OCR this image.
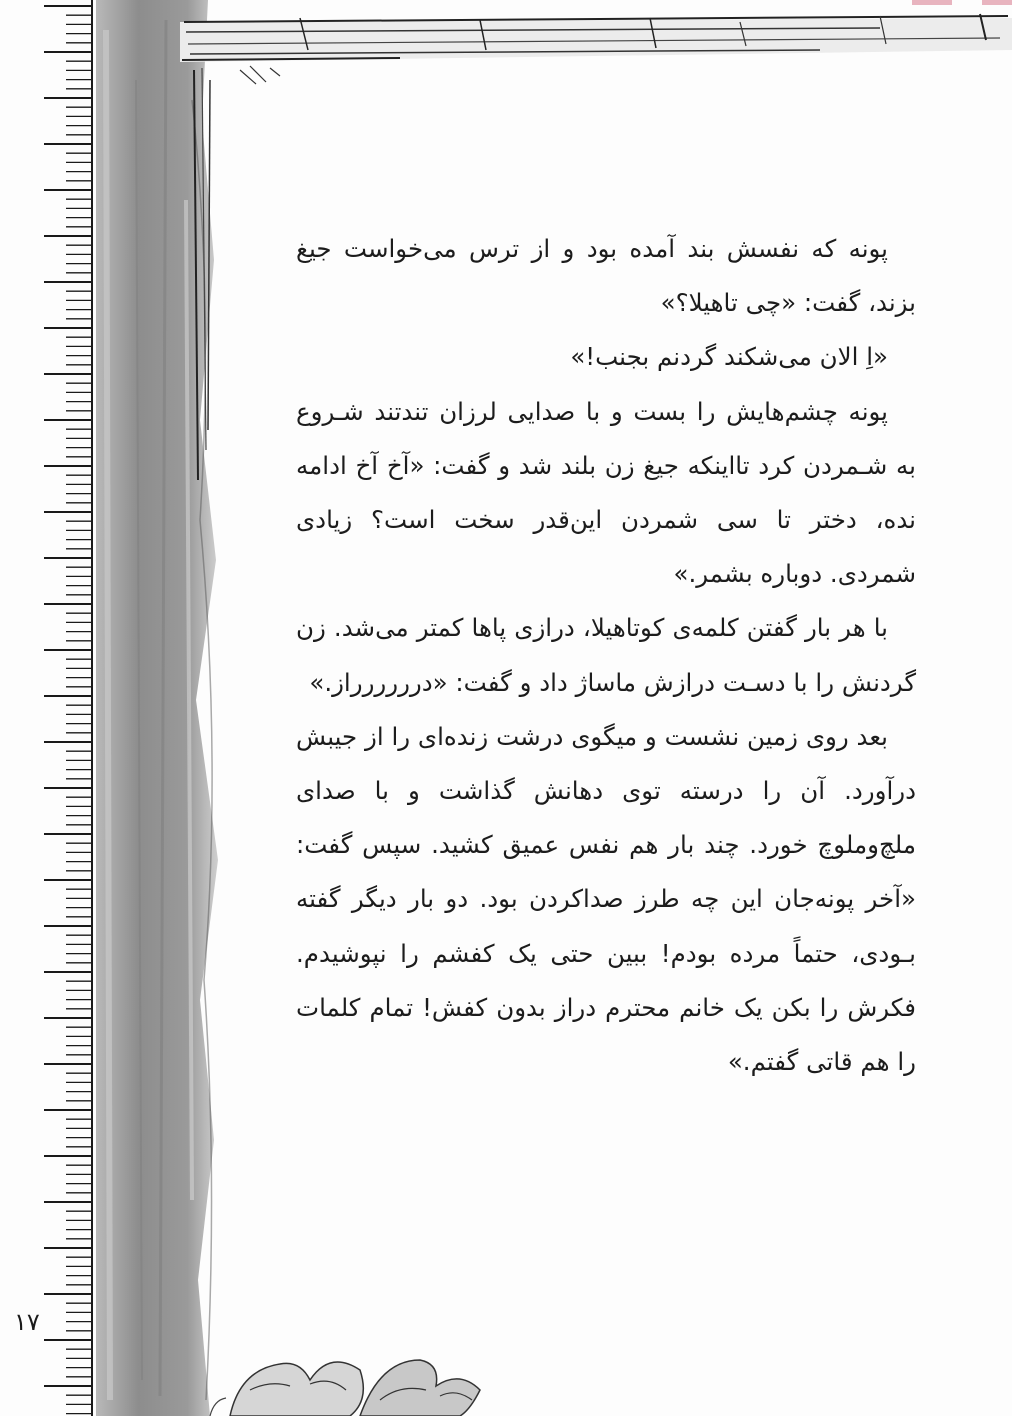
۱۷

پونه که نفسش بند آمده بود و از ترس می‌خواست جیغ بزند، گفت: «چی تاهیلا؟»

«اِ الان می‌شکند گردنم بجنب!»

پونه چشم‌هایش را بست و با صدایی لرزان تندتند شـروع به شـمردن کرد تااینکه جیغ زن بلند شد و گفت: «آخ آخ ادامه نده، دختر تا سی شمردن این‌قدر سخت است؟ زیادی شمردی. دوباره بشمر.»

با هر بار گفتن کلمه‌ی کوتاهیلا، درازی پاها کمتر می‌شد. زن گردنش را با دسـت درازش ماساژ داد و گفت: «درررررراز.»

بعد روی زمین نشست و میگوی درشت زنده‌ای را از جیبش درآورد. آن را درسته توی دهانش گذاشت و با صدای ملچ‌وملوچ خورد. چند بار هم نفس عمیق کشید. سپس گفت: «آخر پونه‌جان این چه طرز صداکردن بود. دو بار دیگر گفته بـودی، حتماً مرده بودم! ببین حتی یک کفشم را نپوشیدم. فکرش را بکن یک خانم محترم دراز بدون کفش! تمام کلمات را هم قاتی گفتم.»
